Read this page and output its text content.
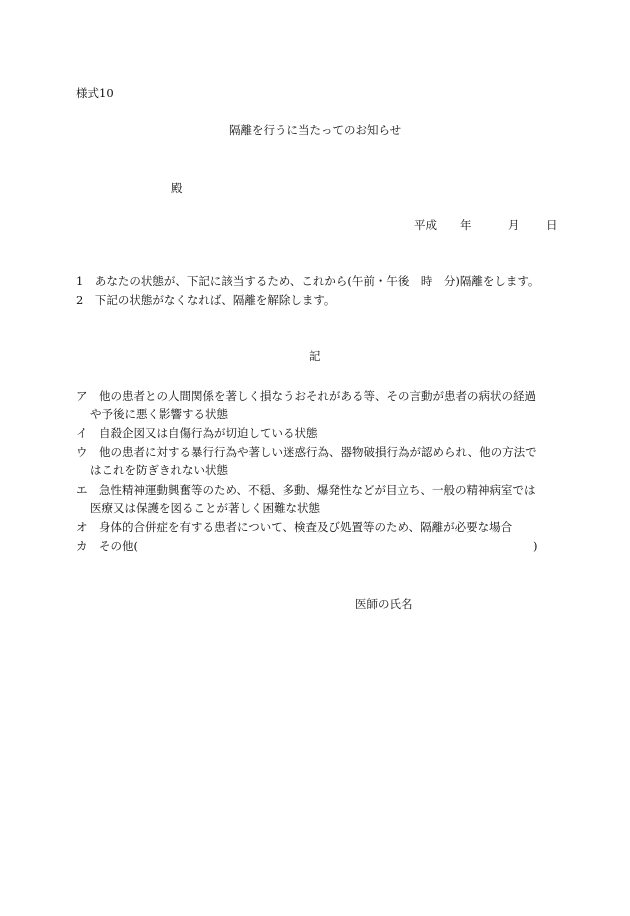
様式10
隔離を行うに当たってのお知らせ
殿
平成 年	月 日
1　あなたの状態が、下記に該当するため、これから(午前・午後　時　分)隔離をします。
2　下記の状態がなくなれば、隔離を解除します。
記
ア　他の患者との人間関係を著しく損なうおそれがある等、その言動が患者の病状の経過
や予後に悪く影響する状態
イ　自殺企図又は自傷行為が切迫している状態
ウ　他の患者に対する暴行行為や著しい迷惑行為、器物破損行為が認められ、他の方法で
はこれを防ぎきれない状態
エ　急性精神運動興奮等のため、不穏、多動、爆発性などが目立ち、一般の精神病室では
医療又は保護を図ることが著しく困難な状態
オ　身体的合併症を有する患者について、検査及び処置等のため、隔離が必要な場合
カ　その他(	)
医師の氏名
